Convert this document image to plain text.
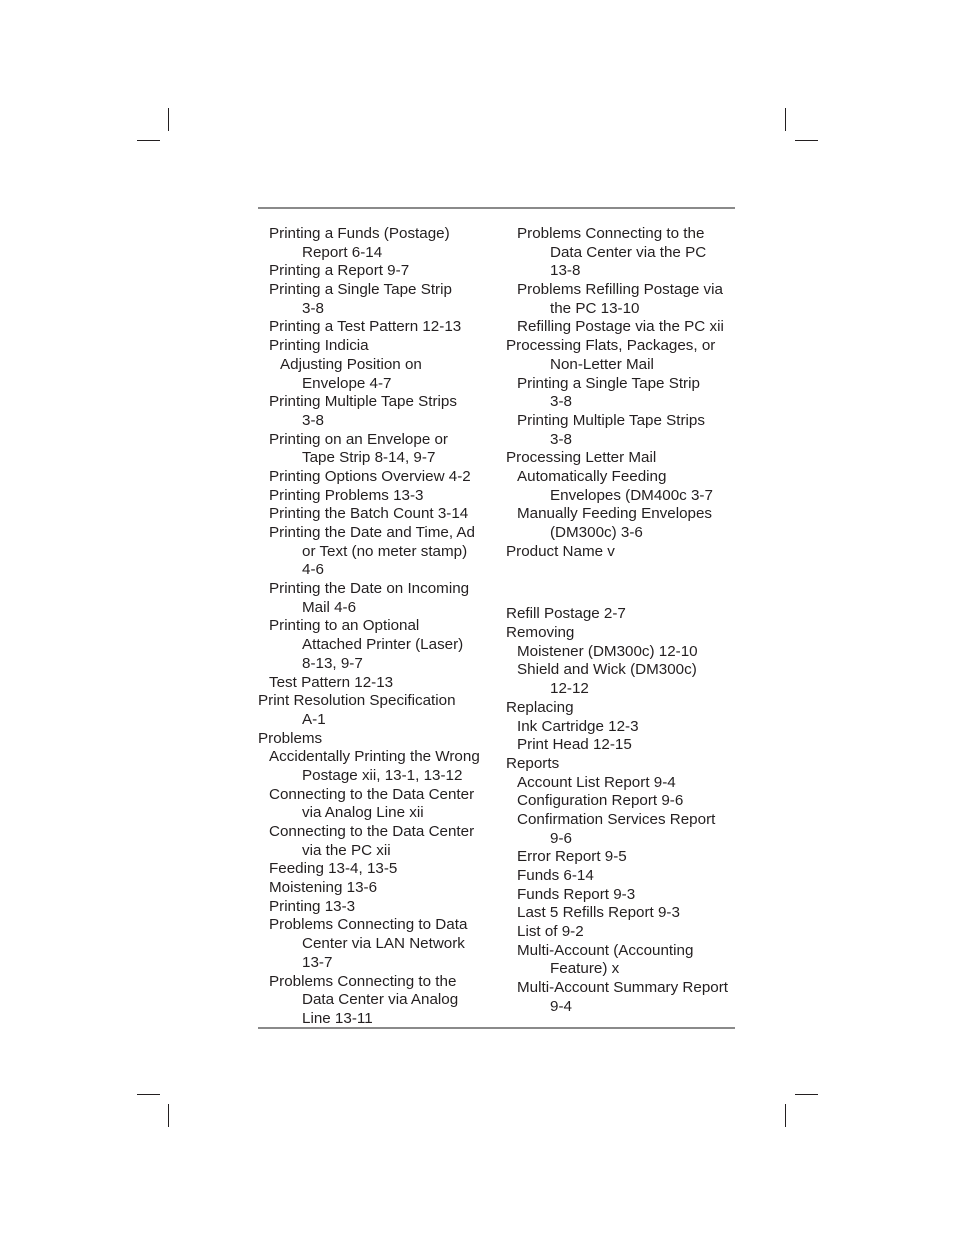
Printing a Funds (Postage)
Report 6-14
Printing a Report 9-7
Printing a Single Tape Strip
3-8
Printing a Test Pattern 12-13
Printing Indicia
Adjusting Position on
Envelope 4-7
Printing Multiple Tape Strips
3-8
Printing on an Envelope or
Tape Strip 8-14, 9-7
Printing Options Overview 4-2
Printing Problems 13-3
Printing the Batch Count 3-14
Printing the Date and Time, Ad
or Text (no meter stamp)
4-6
Printing the Date on Incoming
Mail 4-6
Printing to an Optional
Attached Printer (Laser)
8-13, 9-7
Test Pattern 12-13
Print Resolution Specification
A-1
Problems
Accidentally Printing the Wrong
Postage xii, 13-1, 13-12
Connecting to the Data Center
via Analog Line xii
Connecting to the Data Center
via the PC xii
Feeding 13-4, 13-5
Moistening 13-6
Printing 13-3
Problems Connecting to Data
Center via LAN Network
13-7
Problems Connecting to the
Data Center via Analog
Line 13-11
Problems Connecting to the
Data Center via the PC
13-8
Problems Refilling Postage via
the PC 13-10
Refilling Postage via the PC xii
Processing Flats, Packages, or
Non-Letter Mail
Printing a Single Tape Strip
3-8
Printing Multiple Tape Strips
3-8
Processing Letter Mail
Automatically Feeding
Envelopes (DM400c 3-7
Manually Feeding Envelopes
(DM300c) 3-6
Product Name v
Refill Postage 2-7
Removing
Moistener (DM300c) 12-10
Shield and Wick (DM300c)
12-12
Replacing
Ink Cartridge 12-3
Print Head 12-15
Reports
Account List Report 9-4
Configuration Report 9-6
Confirmation Services Report
9-6
Error Report 9-5
Funds 6-14
Funds Report 9-3
Last 5 Refills Report 9-3
List of 9-2
Multi-Account (Accounting
Feature) x
Multi-Account Summary Report
9-4
